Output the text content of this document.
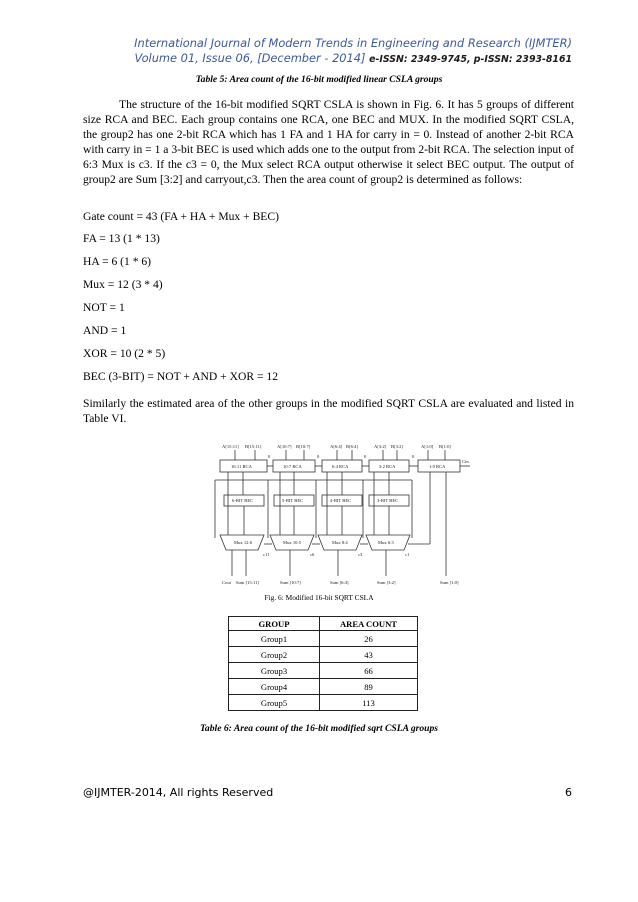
International Journal of Modern Trends in Engineering and Research (IJMTER)
Volume 01, Issue 06, [December - 2014] e-ISSN: 2349-9745, p-ISSN: 2393-8161
Table 5: Area count of the 16-bit modified linear CSLA groups

The structure of the 16-bit modified SQRT CSLA is shown in Fig. 6. It has 5 groups of different size RCA and BEC. Each group contains one RCA, one BEC and MUX. In the modified SQRT CSLA, the group2 has one 2-bit RCA which has 1 FA and 1 HA for carry in = 0. Instead of another 2-bit RCA with carry in = 1 a 3-bit BEC is used which adds one to the output from 2-bit RCA. The selection input of 6:3 Mux is c3. If the c3 = 0, the Mux select RCA output otherwise it select BEC output. The output of group2 are Sum [3:2] and carryout,c3. Then the area count of group2 is determined as follows:

Gate count = 43 (FA + HA + Mux + BEC)
FA = 13 (1 * 13)
HA = 6 (1 * 6)
Mux = 12 (3 * 4)
NOT = 1
AND = 1
XOR = 10 (2 * 5)
BEC (3-BIT) = NOT + AND + XOR = 12

Similarly the estimated area of the other groups in the modified SQRT CSLA are evaluated and listed in Table VI.

A[15:11] B[15:11]	A[10:7] B[10:7]	A[6:4] B[6:4]	A[3:2] B[3:2]	A[1:0] B[1:0]
0	0	0	0
Cin
16:11 RCA	10:7 RCA	6:4 RCA	3:2 RCA	1:0 RCA
6-BIT BEC	5-BIT BEC	4-BIT BEC	3-BIT BEC
Mux 12:6	Mux 10:5	Mux 8:4	Mux 6:3
c11	c6	c3	c1
Cout Sum [15:11]	Sum [10:7]	Sum [6:4]	Sum [3:2]	Sum [1:0]
Fig. 6: Modified 16-bit SQRT CSLA
GROUP	AREA COUNT
Group1	26
Group2	43
Group3	66
Group4	89
Group5	113
Table 6: Area count of the 16-bit modified sqrt CSLA groups
@IJMTER-2014, All rights Reserved	6
